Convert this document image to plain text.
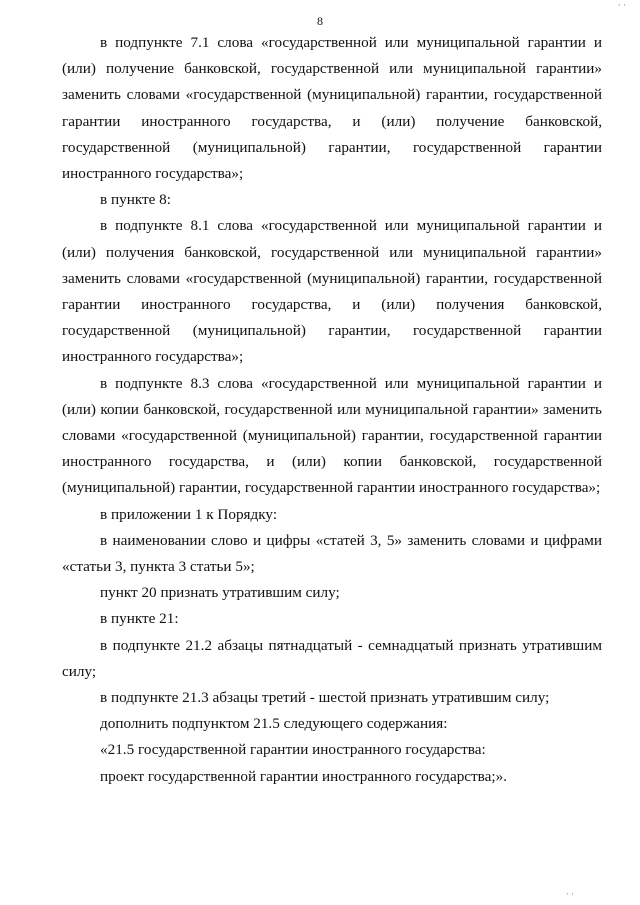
· ·
8

в подпункте 7.1 слова «государственной или муниципальной гарантии и (или) получение банковской, государственной или муниципальной гарантии» заменить словами «государственной (муниципальной) гарантии, государственной гарантии иностранного государства, и (или) получение банковской, государственной (муниципальной) гарантии, государственной гарантии иностранного государства»;

в пункте 8:

в подпункте 8.1 слова «государственной или муниципальной гарантии и (или) получения банковской, государственной или муниципальной гарантии» заменить словами «государственной (муниципальной) гарантии, государственной гарантии иностранного государства, и (или) получения банковской, государственной (муниципальной) гарантии, государственной гарантии иностранного государства»;

в подпункте 8.3 слова «государственной или муниципальной гарантии и (или) копии банковской, государственной или муниципальной гарантии» заменить словами «государственной (муниципальной) гарантии, государственной гарантии иностранного государства, и (или) копии банковской, государственной (муниципальной) гарантии, государственной гарантии иностранного государства»;

в приложении 1 к Порядку:

в наименовании слово и цифры «статей 3, 5» заменить словами и цифрами «статьи 3, пункта 3 статьи 5»;

пункт 20 признать утратившим силу;

в пункте 21:

в подпункте 21.2 абзацы пятнадцатый - семнадцатый признать утратившим силу;

в подпункте 21.3 абзацы третий - шестой признать утратившим силу;

дополнить подпунктом 21.5 следующего содержания:

«21.5 государственной гарантии иностранного государства:

проект государственной гарантии иностранного государства;».

· ·
